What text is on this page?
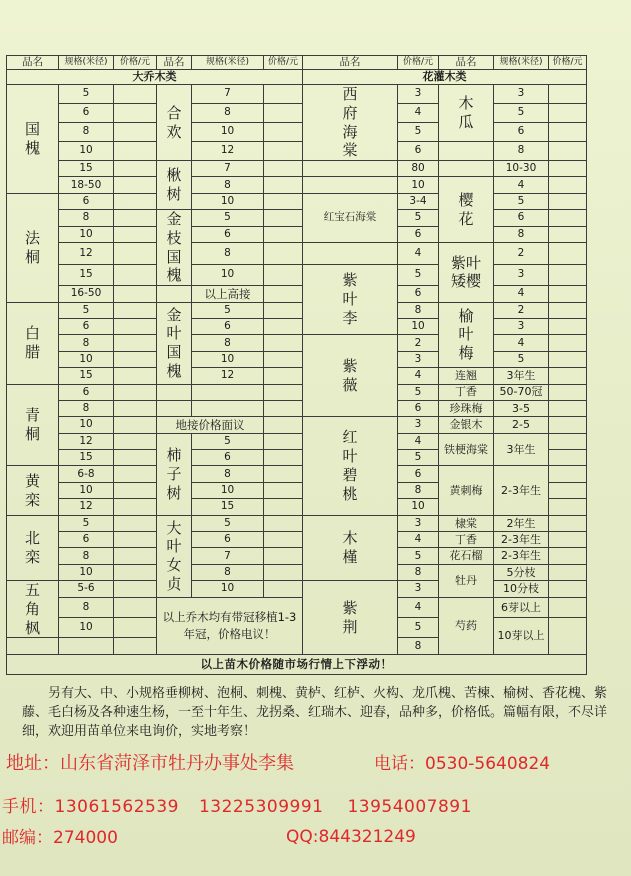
品名	规格(米径)	价格/元	品名	规格(米径)	价格/元	品名	价格/元	品名	规格(米径)	价格/元
大乔木类						花灌木类				
国槐	5		合欢	7		西府海棠	3	木瓜	3	
	6			8			4		5	
	8			10			5		6	
	10			12			6		8	
	15		楸树	7			80		10-30	
	18-50			8			10	樱花	4	
法桐	6			10		红宝石海棠	3-4		5	
	8		金枝国槐	5			5		6	
	10			6			6		8	
	12			8			4	紫叶矮樱	2	
	15			10		紫叶李	5		3	
	16-50			以上高接			6		4	
白腊	5		金叶国槐	5			8	榆叶梅	2	
	6			6			10		3	
	8			8		紫薇	2		4	
	10			10			3		5	
	15			12			4	连翘	3年生	
青桐	6						5	丁香	50-70冠	
	8						6	珍珠梅	3-5	
	10		地接价格面议			红叶碧桃	3	金银木	2-5	
	12		柿子树	5			4	铁梗海棠	3年生	
	15			6			5			
黄栾	6-8			8			6	黄刺梅	2-3年生	
	10			10			8			
	12			15			10			
北栾	5		大叶女贞	5		木槿	3	棣棠	2年生	
	6			6			4	丁香	2-3年生	
	8			7			5	花石榴	2-3年生	
	10			8			8	牡丹	5分枝	
五角枫	5-6			10		紫荆	3		10分枝	
	8		以上乔木均有带冠移植1-3年冠，价格电议！				4	芍药	6芽以上	
	10						5		10芽以上	
							8			
以上苗木价格随市场行情上下浮动！										
另有大、中、小规格垂柳树、泡桐、刺槐、黄栌、红栌、火构、龙爪槐、苦楝、榆树、香花槐、紫藤、毛白杨及各种速生杨，一至十年生、龙拐桑、红瑞木、迎春，品种多，价格低。篇幅有限，不尽详细，欢迎用苗单位来电询价，实地考察！
地址：山东省菏泽市牡丹办事处李集	电话：0530-5640824
手机：13061562539 13225309991 13954007891
邮编：274000	QQ:844321249
